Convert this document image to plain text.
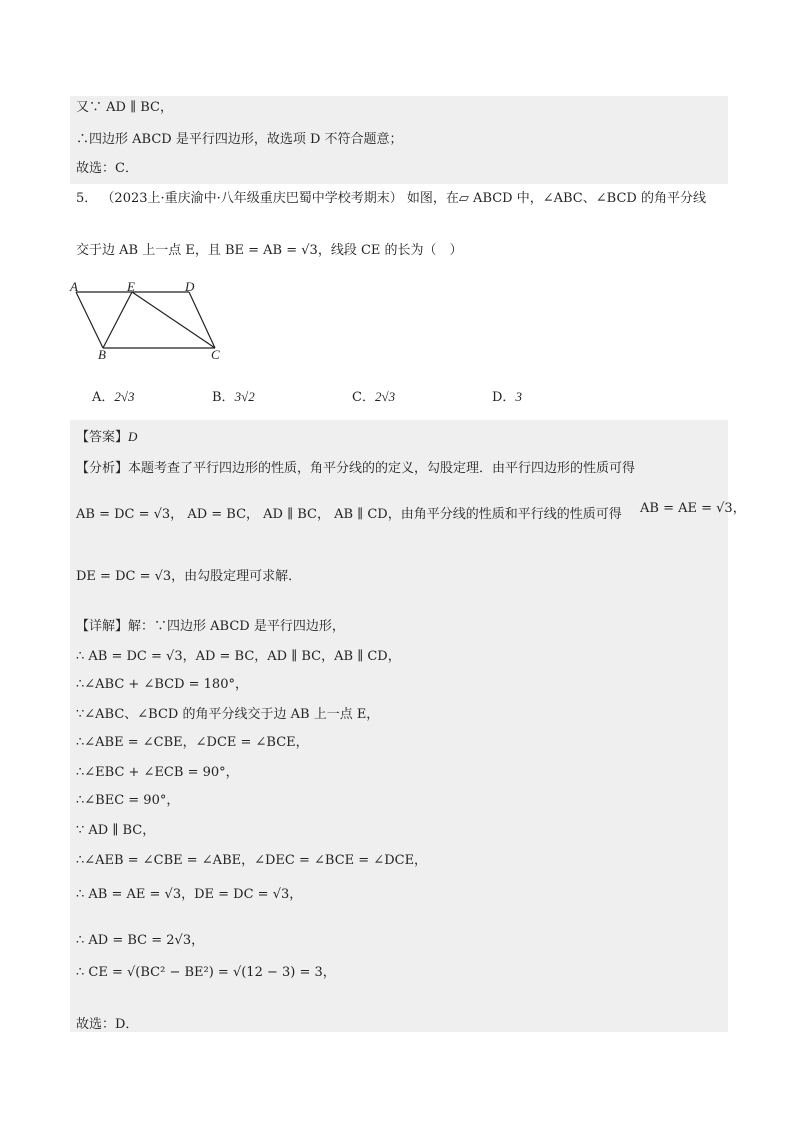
又∵ AD ∥ BC，
∴四边形 ABCD 是平行四边形，故选项 D 不符合题意；
故选：C．
5． （2023上·重庆渝中·八年级重庆巴蜀中学校考期末） 如图，在▱ ABCD 中，∠ABC、∠BCD 的角平分线
交于边 AB 上一点 E，且 BE = AB = √3，线段 CE 的长为（　）
A	E	D
B	C
A．2√3	B．3√2	C．2√3	D．3
【答案】D
【分析】本题考查了平行四边形的性质，角平分线的的定义，勾股定理．由平行四边形的性质可得
AB = DC = √3， AD = BC， AD ∥ BC， AB ∥ CD，由角平分线的性质和平行线的性质可得 AB = AE = √3，
DE = DC = √3，由勾股定理可求解．
【详解】解：∵四边形 ABCD 是平行四边形，
∴ AB = DC = √3，AD = BC，AD ∥ BC，AB ∥ CD，
∴∠ABC + ∠BCD = 180°，
∵∠ABC、∠BCD 的角平分线交于边 AB 上一点 E，
∴∠ABE = ∠CBE，∠DCE = ∠BCE，
∴∠EBC + ∠ECB = 90°，
∴∠BEC = 90°，
∵ AD ∥ BC，
∴∠AEB = ∠CBE = ∠ABE，∠DEC = ∠BCE = ∠DCE，
∴ AB = AE = √3，DE = DC = √3，
∴ AD = BC = 2√3，
∴ CE = √(BC² − BE²) = √(12 − 3) = 3，
故选：D．
